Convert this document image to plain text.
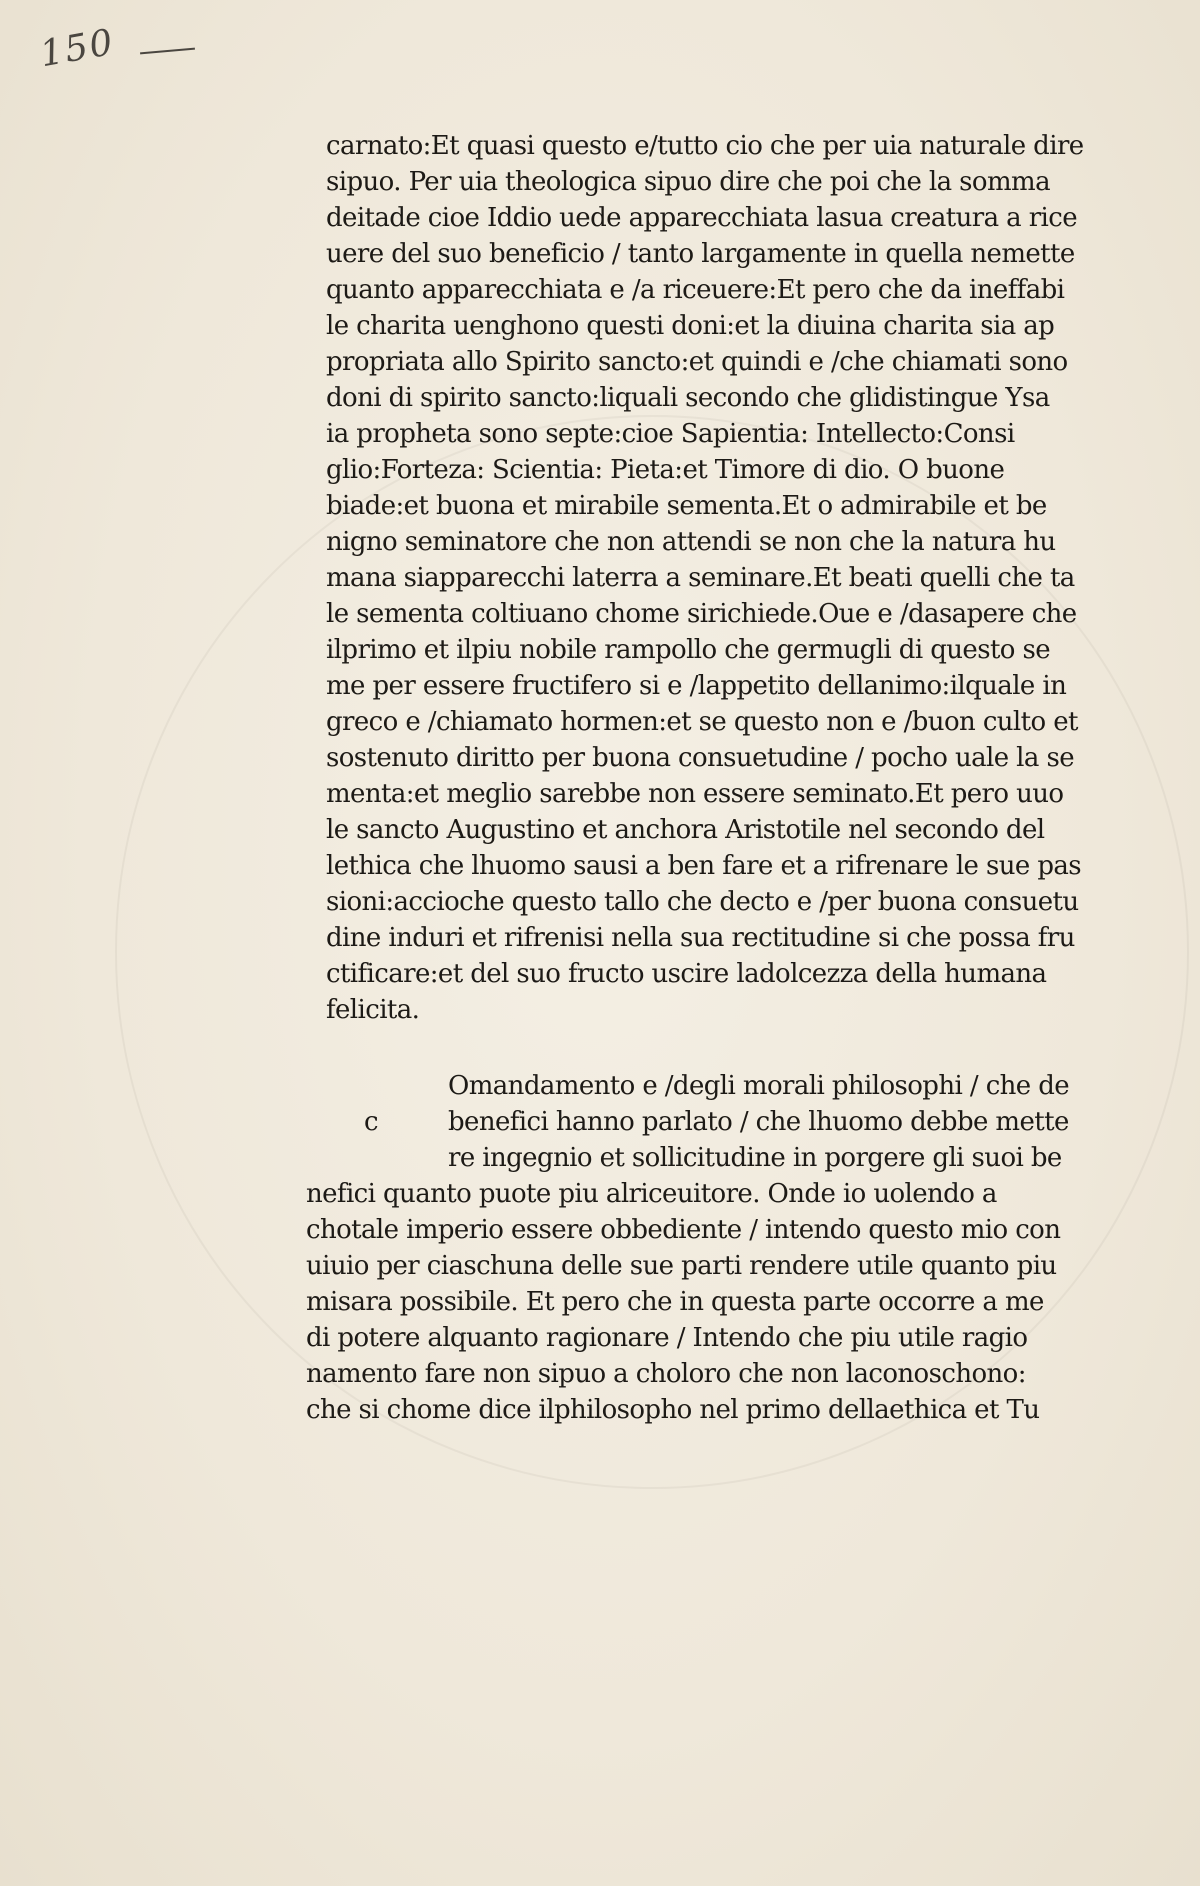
150
carnato:Et quasi questo e/tutto cio che per uia naturale dire
sipuo. Per uia theologica sipuo dire che poi che la somma
deitade cioe Iddio uede apparecchiata lasua creatura a rice
uere del suo beneficio / tanto largamente in quella nemette
quanto apparecchiata e /a riceuere:Et pero che da ineffabi
le charita uenghono questi doni:et la diuina charita sia ap
propriata allo Spirito sancto:et quindi e /che chiamati sono
doni di spirito sancto:liquali secondo che glidistingue Ysa
ia propheta sono septe:cioe Sapientia: Intellecto:Consi
glio:Forteza: Scientia: Pieta:et Timore di dio. O buone
biade:et buona et mirabile sementa.Et o admirabile et be
nigno seminatore che non attendi se non che la natura hu
mana siapparecchi laterra a seminare.Et beati quelli che ta
le sementa coltiuano chome sirichiede.Oue e /dasapere che
ilprimo et ilpiu nobile rampollo che germugli di questo se
me per essere fructifero si e /lappetito dellanimo:ilquale in
greco e /chiamato hormen:et se questo non e /buon culto et
sostenuto diritto per buona consuetudine / pocho uale la se
menta:et meglio sarebbe non essere seminato.Et pero uuo
le sancto Augustino et anchora Aristotile nel secondo del
lethica che lhuomo sausi a ben fare et a rifrenare le sue pas
sioni:accioche questo tallo che decto e /per buona consuetu
dine induri et rifrenisi nella sua rectitudine si che possa fru
ctificare:et del suo fructo uscire ladolcezza della humana
felicita.
c
Omandamento e /degli morali philosophi / che de
benefici hanno parlato / che lhuomo debbe mette
re ingegnio et sollicitudine in porgere gli suoi be
nefici quanto puote piu alriceuitore. Onde io uolendo a
chotale imperio essere obbediente / intendo questo mio con
uiuio per ciaschuna delle sue parti rendere utile quanto piu
misara possibile. Et pero che in questa parte occorre a me
di potere alquanto ragionare / Intendo che piu utile ragio
namento fare non sipuo a choloro che non laconoschono:
che si chome dice ilphilosopho nel primo dellaethica et Tu
